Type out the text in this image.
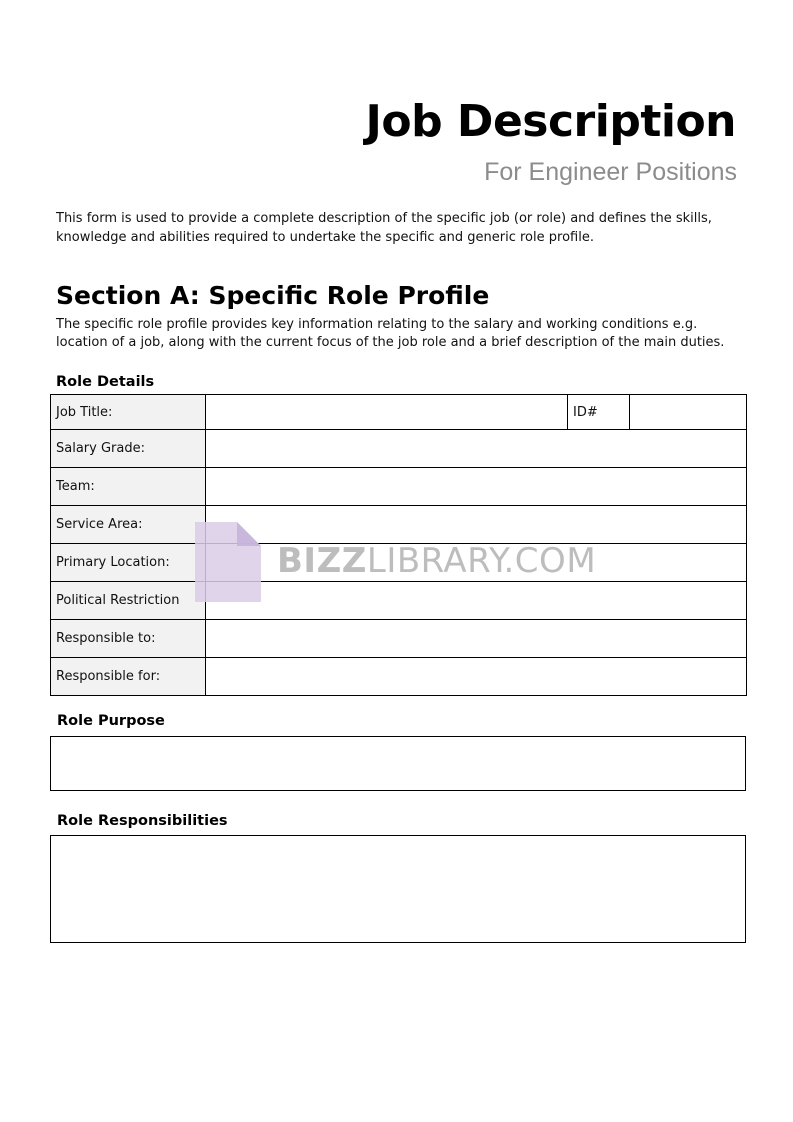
Job Description
For Engineer Positions
This form is used to provide a complete description of the specific job (or role) and defines the skills, knowledge and abilities required to undertake the specific and generic role profile.
Section A: Specific Role Profile
The specific role profile provides key information relating to the salary and working conditions e.g. location of a job, along with the current focus of the job role and a brief description of the main duties.
Role Details
Job Title:		ID#	
Salary Grade:			
Team:			
Service Area:			
Primary Location:			
Political Restriction			
Responsible to:			
Responsible for:			
BIZZLIBRARY.COM
Role Purpose
Role Responsibilities
